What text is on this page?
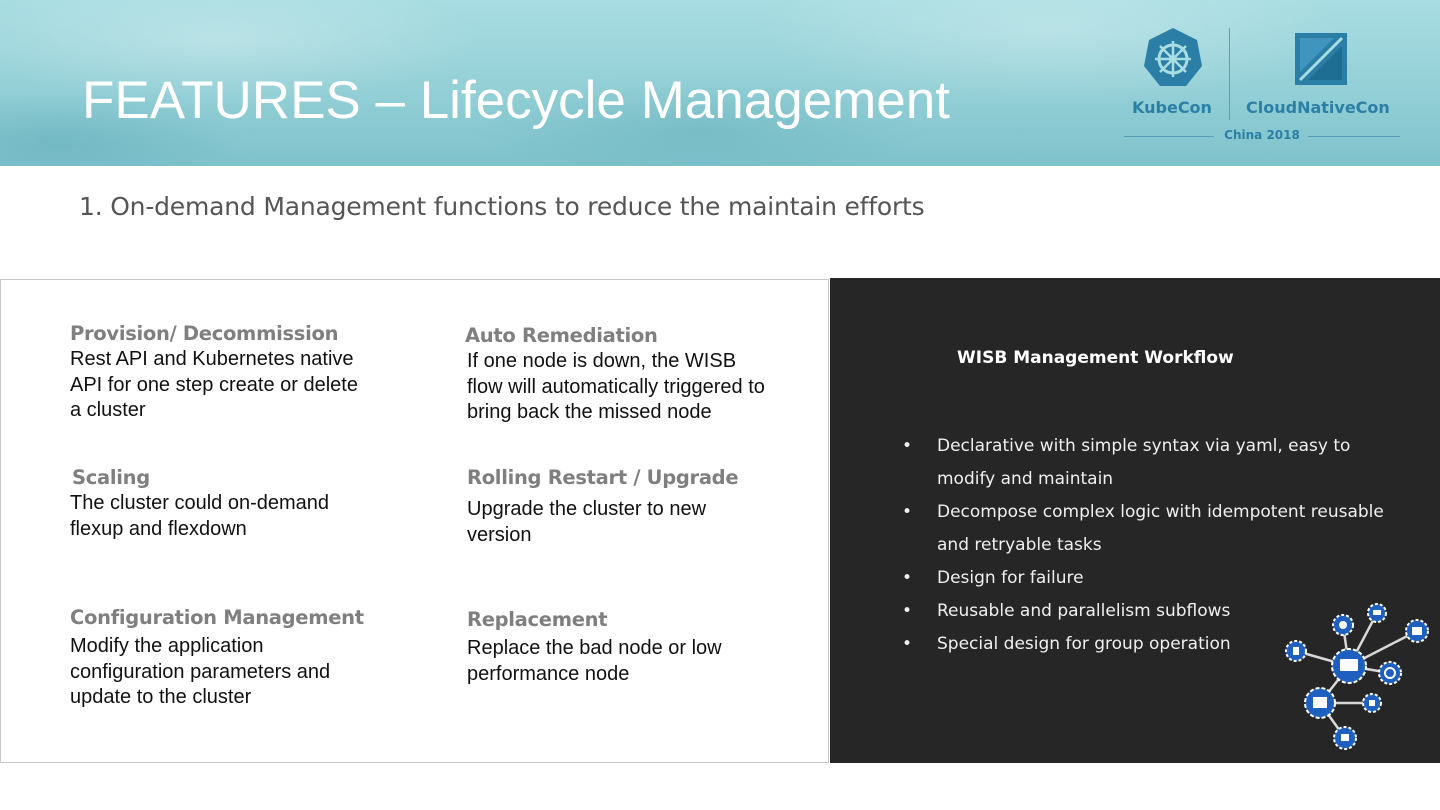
FEATURES – Lifecycle Management	KubeCon CloudNativeCon
China 2018

1. On-demand Management functions to reduce the maintain efforts

Provision/ Decommission
Rest API and Kubernetes native
API for one step create or delete
a cluster
Auto Remediation
If one node is down, the WISB
flow will automatically triggered to
bring back the missed node
Scaling
The cluster could on-demand
flexup and flexdown
Rolling Restart / Upgrade
Upgrade the cluster to new
version
Configuration Management
Modify the application
configuration parameters and
update to the cluster
Replacement
Replace the bad node or low
performance node
WISB Management Workflow
• Declarative with simple syntax via yaml, easy to modify and maintain
• Decompose complex logic with idempotent reusable and retryable tasks
• Design for failure
• Reusable and parallelism subflows
• Special design for group operation
